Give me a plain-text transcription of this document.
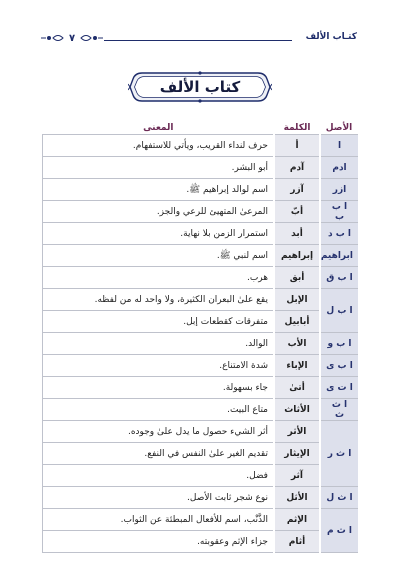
كتـاب الألف
٧
كتاب الألف
الأصل	الكلمة	المعنى
ا	أ	حرف لنداء القريب، ويأتي للاستفهام.
ادم	آدم	أبو البشر.
ازر	آزر	اسم لوالد إبراهيم ﷺ.
ا ب ب	أبّ	المرعىٰ المتهيئ للرعي والجز.
ا ب د	أبد	استمرار الزمن بلا نهاية.
ابراهيم	إبراهيم	اسم لنبي ﷺ.
ا ب ق	أبق	هرب.
ا ب ل	الإبل	يقع علىٰ البعران الكثيرة، ولا واحد له من لفظه.
	أبابيل	متفرقات كقطعات إبل.
ا ب و	الأب	الوالد.
ا ب ى	الإباء	شدة الامتناع.
ا ت ى	أتىٰ	جاء بسهولة.
ا ث ث	الأثاث	متاع البيت.
ا ث ر	الأثر	أثر الشيء حصول ما يدل علىٰ وجوده.
	الإيثار	تقديم الغير علىٰ النفس في النفع.
	آثر	فضل.
ا ث ل	الأثل	نوع شجر ثابت الأصل.
ا ث م	الإثم	الذَّنْب، اسم للأفعال المبطئة عن الثواب.
	أثام	جزاء الإثم وعقوبته.
